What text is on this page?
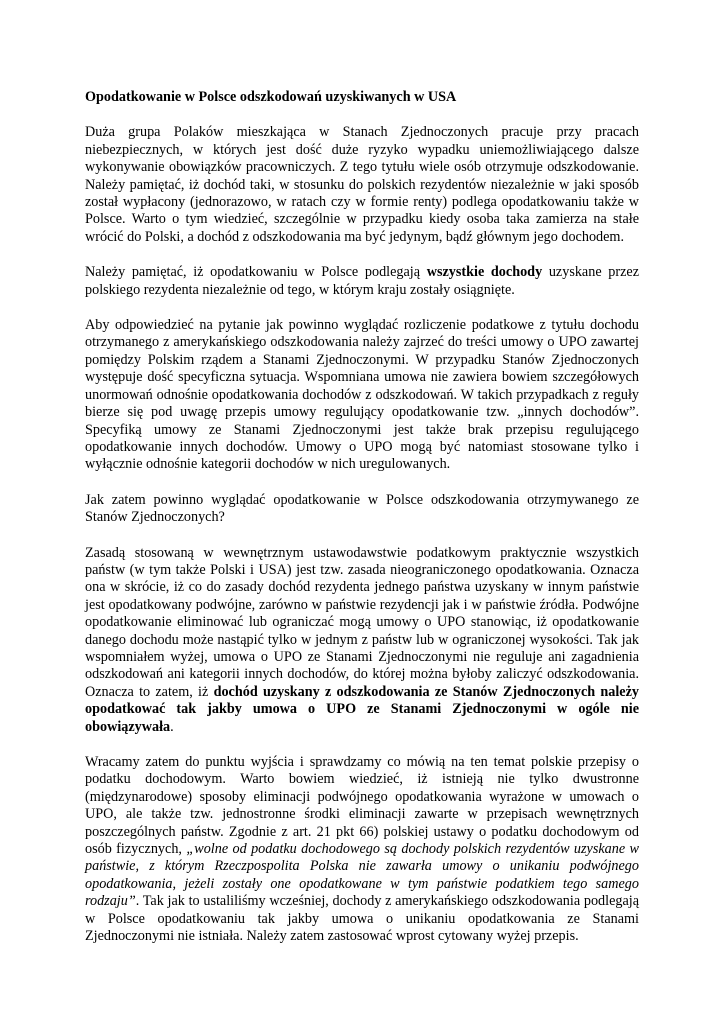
Opodatkowanie w Polsce odszkodowań uzyskiwanych w USA

Duża grupa Polaków mieszkająca w Stanach Zjednoczonych pracuje przy pracach niebezpiecznych, w których jest dość duże ryzyko wypadku uniemożliwiającego dalsze wykonywanie obowiązków pracowniczych. Z tego tytułu wiele osób otrzymuje odszkodowanie. Należy pamiętać, iż dochód taki, w stosunku do polskich rezydentów niezależnie w jaki sposób został wypłacony (jednorazowo, w ratach czy w formie renty) podlega opodatkowaniu także w Polsce. Warto o tym wiedzieć, szczególnie w przypadku kiedy osoba taka zamierza na stałe wrócić do Polski, a dochód z odszkodowania ma być jedynym, bądź głównym jego dochodem.

Należy pamiętać, iż opodatkowaniu w Polsce podlegają wszystkie dochody uzyskane przez polskiego rezydenta niezależnie od tego, w którym kraju zostały osiągnięte.

Aby odpowiedzieć na pytanie jak powinno wyglądać rozliczenie podatkowe z tytułu dochodu otrzymanego z amerykańskiego odszkodowania należy zajrzeć do treści umowy o UPO zawartej pomiędzy Polskim rządem a Stanami Zjednoczonymi. W przypadku Stanów Zjednoczonych występuje dość specyficzna sytuacja. Wspomniana umowa nie zawiera bowiem szczegółowych unormowań odnośnie opodatkowania dochodów z odszkodowań. W takich przypadkach z reguły bierze się pod uwagę przepis umowy regulujący opodatkowanie tzw. „innych dochodów”. Specyfiką umowy ze Stanami Zjednoczonymi jest także brak przepisu regulującego opodatkowanie innych dochodów. Umowy o UPO mogą być natomiast stosowane tylko i wyłącznie odnośnie kategorii dochodów w nich uregulowanych.

Jak zatem powinno wyglądać opodatkowanie w Polsce odszkodowania otrzymywanego ze Stanów Zjednoczonych?

Zasadą stosowaną w wewnętrznym ustawodawstwie podatkowym praktycznie wszystkich państw (w tym także Polski i USA) jest tzw. zasada nieograniczonego opodatkowania. Oznacza ona w skrócie, iż co do zasady dochód rezydenta jednego państwa uzyskany w innym państwie jest opodatkowany podwójne, zarówno w państwie rezydencji jak i w państwie źródła. Podwójne opodatkowanie eliminować lub ograniczać mogą umowy o UPO stanowiąc, iż opodatkowanie danego dochodu może nastąpić tylko w jednym z państw lub w ograniczonej wysokości. Tak jak wspomniałem wyżej, umowa o UPO ze Stanami Zjednoczonymi nie reguluje ani zagadnienia odszkodowań ani kategorii innych dochodów, do której można byłoby zaliczyć odszkodowania. Oznacza to zatem, iż dochód uzyskany z odszkodowania ze Stanów Zjednoczonych należy opodatkować tak jakby umowa o UPO ze Stanami Zjednoczonymi w ogóle nie obowiązywała.

Wracamy zatem do punktu wyjścia i sprawdzamy co mówią na ten temat polskie przepisy o podatku dochodowym. Warto bowiem wiedzieć, iż istnieją nie tylko dwustronne (międzynarodowe) sposoby eliminacji podwójnego opodatkowania wyrażone w umowach o UPO, ale także tzw. jednostronne środki eliminacji zawarte w przepisach wewnętrznych poszczególnych państw. Zgodnie z art. 21 pkt 66) polskiej ustawy o podatku dochodowym od osób fizycznych, „wolne od podatku dochodowego są dochody polskich rezydentów uzyskane w państwie, z którym Rzeczpospolita Polska nie zawarła umowy o unikaniu podwójnego opodatkowania, jeżeli zostały one opodatkowane w tym państwie podatkiem tego samego rodzaju”. Tak jak to ustaliliśmy wcześniej, dochody z amerykańskiego odszkodowania podlegają w Polsce opodatkowaniu tak jakby umowa o unikaniu opodatkowania ze Stanami Zjednoczonymi nie istniała. Należy zatem zastosować wprost cytowany wyżej przepis.
